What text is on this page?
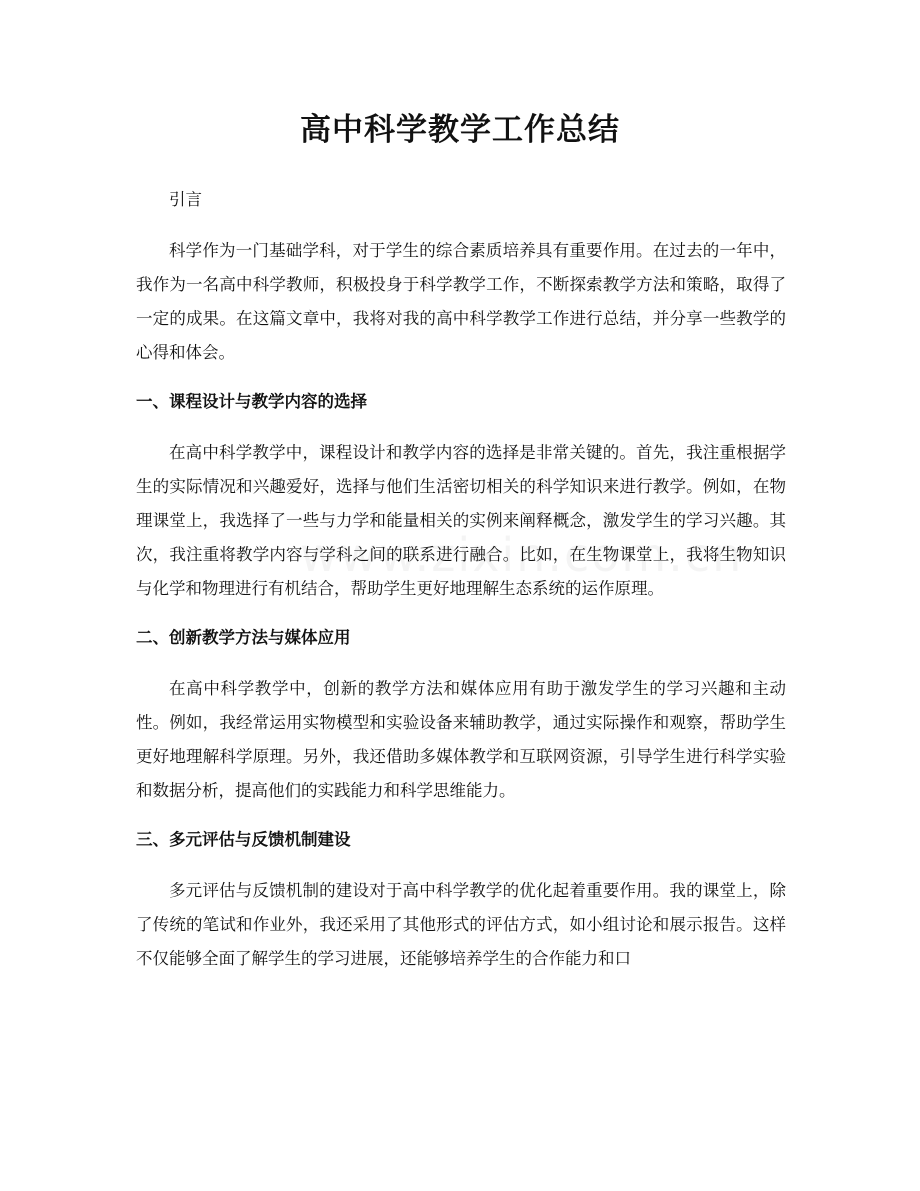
高中科学教学工作总结

引言

科学作为一门基础学科，对于学生的综合素质培养具有重要作用。在过去的一年中，我作为一名高中科学教师，积极投身于科学教学工作，不断探索教学方法和策略，取得了一定的成果。在这篇文章中，我将对我的高中科学教学工作进行总结，并分享一些教学的心得和体会。

一、课程设计与教学内容的选择

在高中科学教学中，课程设计和教学内容的选择是非常关键的。首先，我注重根据学生的实际情况和兴趣爱好，选择与他们生活密切相关的科学知识来进行教学。例如，在物理课堂上，我选择了一些与力学和能量相关的实例来阐释概念，激发学生的学习兴趣。其次，我注重将教学内容与学科之间的联系进行融合。比如，在生物课堂上，我将生物知识与化学和物理进行有机结合，帮助学生更好地理解生态系统的运作原理。

二、创新教学方法与媒体应用

在高中科学教学中，创新的教学方法和媒体应用有助于激发学生的学习兴趣和主动性。例如，我经常运用实物模型和实验设备来辅助教学，通过实际操作和观察，帮助学生更好地理解科学原理。另外，我还借助多媒体教学和互联网资源，引导学生进行科学实验和数据分析，提高他们的实践能力和科学思维能力。

三、多元评估与反馈机制建设

多元评估与反馈机制的建设对于高中科学教学的优化起着重要作用。我的课堂上，除了传统的笔试和作业外，我还采用了其他形式的评估方式，如小组讨论和展示报告。这样不仅能够全面了解学生的学习进展，还能够培养学生的合作能力和口
